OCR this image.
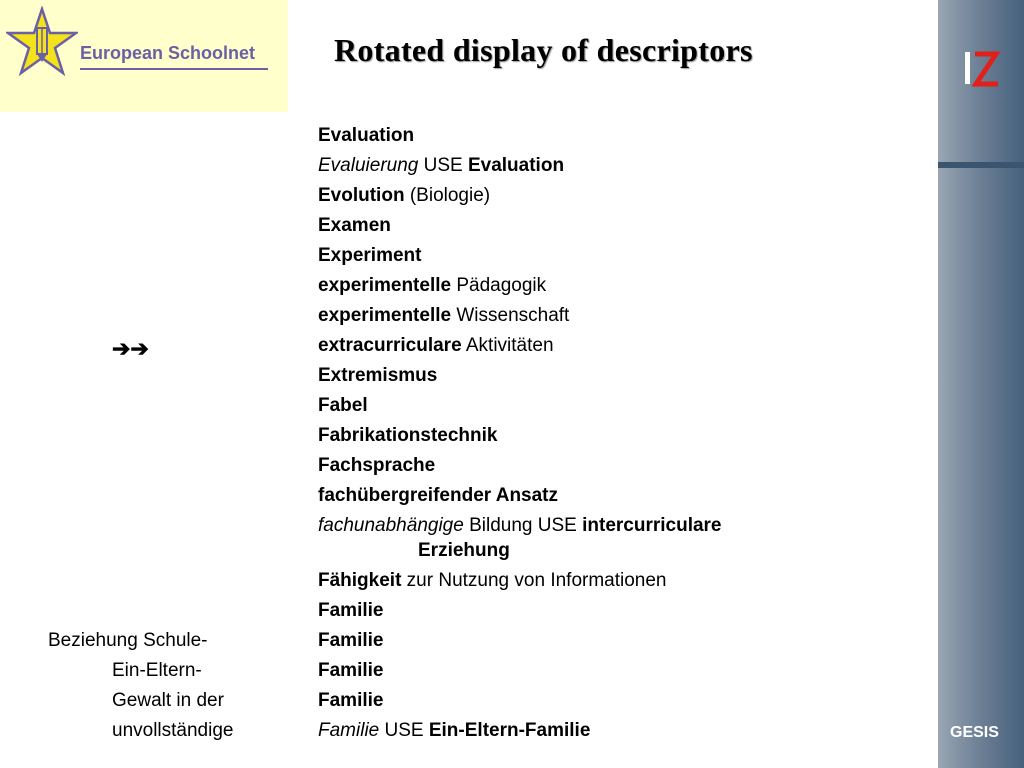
European Schoolnet Rotated display of descriptors
GESIS
➔➔
Evaluation
Evaluierung USE Evaluation
Evolution (Biologie)
Examen
Experiment
experimentelle Pädagogik
experimentelle Wissenschaft
extracurriculare Aktivitäten
Extremismus
Fabel
Fabrikationstechnik
Fachsprache
fachübergreifender Ansatz
fachunabhängige Bildung USE intercurriculare
Erziehung
Fähigkeit zur Nutzung von Informationen
Familie
Familie
Beziehung Schule-
Familie
Ein-Eltern-
Familie
Gewalt in der
Familie USE Ein-Eltern-Familie
unvollständige
